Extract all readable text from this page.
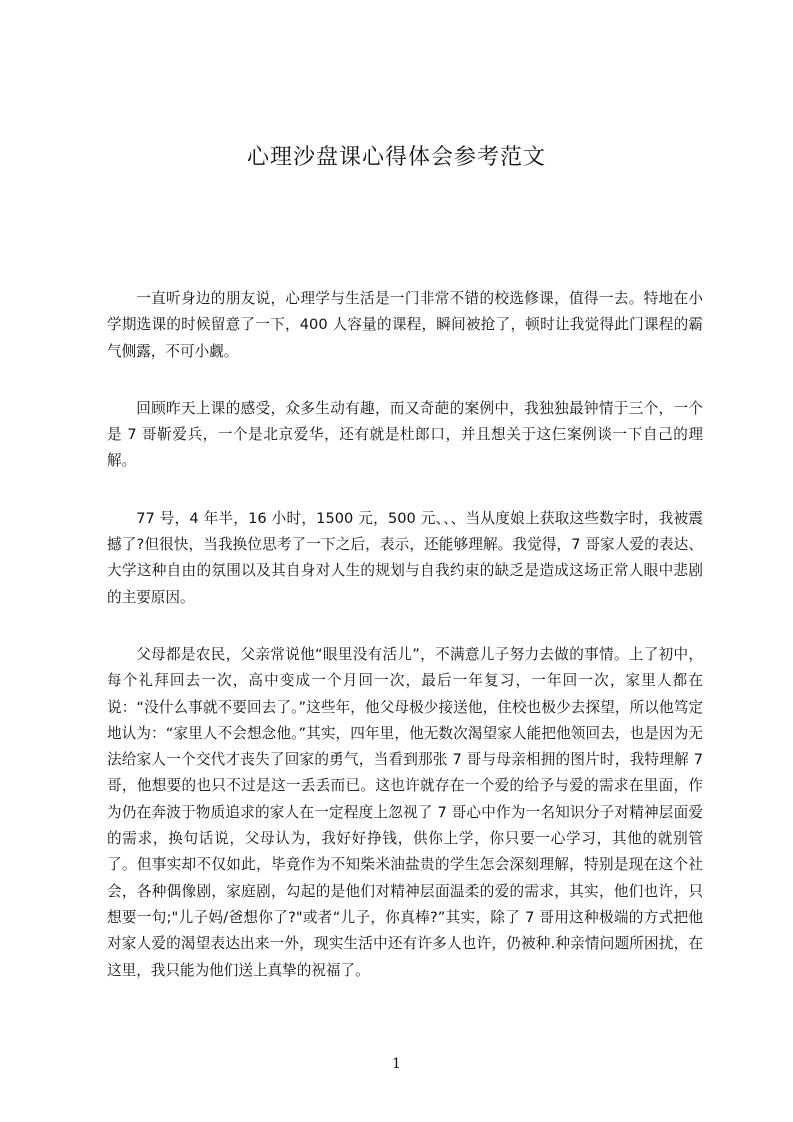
心理沙盘课心得体会参考范文

一直听身边的朋友说，心理学与生活是一门非常不错的校选修课，值得一去。特地在小学期选课的时候留意了一下，400 人容量的课程，瞬间被抢了，顿时让我觉得此门课程的霸气侧露，不可小觑。

回顾昨天上课的感受，众多生动有趣，而又奇葩的案例中，我独独最钟情于三个，一个是 7 哥靳爱兵，一个是北京爱华，还有就是杜郎口，并且想关于这仨案例谈一下自己的理解。

77 号，4 年半，16 小时，1500 元，500 元、、、当从度娘上获取这些数字时，我被震撼了?但很快，当我换位思考了一下之后，表示，还能够理解。我觉得，7 哥家人爱的表达、大学这种自由的氛围以及其自身对人生的规划与自我约束的缺乏是造成这场正常人眼中悲剧的主要原因。

父母都是农民，父亲常说他“眼里没有活儿”，不满意儿子努力去做的事情。上了初中，每个礼拜回去一次，高中变成一个月回一次，最后一年复习，一年回一次，家里人都在说：“没什么事就不要回去了。”这些年，他父母极少接送他，住校也极少去探望，所以他笃定地认为：“家里人不会想念他。”其实，四年里，他无数次渴望家人能把他领回去，也是因为无法给家人一个交代才丧失了回家的勇气，当看到那张 7 哥与母亲相拥的图片时，我特理解 7 哥，他想要的也只不过是这一丢丢而已。这也许就存在一个爱的给予与爱的需求在里面，作为仍在奔波于物质追求的家人在一定程度上忽视了 7 哥心中作为一名知识分子对精神层面爱的需求，换句话说，父母认为，我好好挣钱，供你上学，你只要一心学习，其他的就别管了。但事实却不仅如此，毕竟作为不知柴米油盐贵的学生怎会深刻理解，特别是现在这个社会，各种偶像剧，家庭剧，勾起的是他们对精神层面温柔的爱的需求，其实，他们也许，只想要一句;"儿子妈/爸想你了?"或者“儿子，你真棒?”其实，除了 7 哥用这种极端的方式把他对家人爱的渴望表达出来一外，现实生活中还有许多人也许，仍被种.种亲情问题所困扰，在这里，我只能为他们送上真挚的祝福了。

1
